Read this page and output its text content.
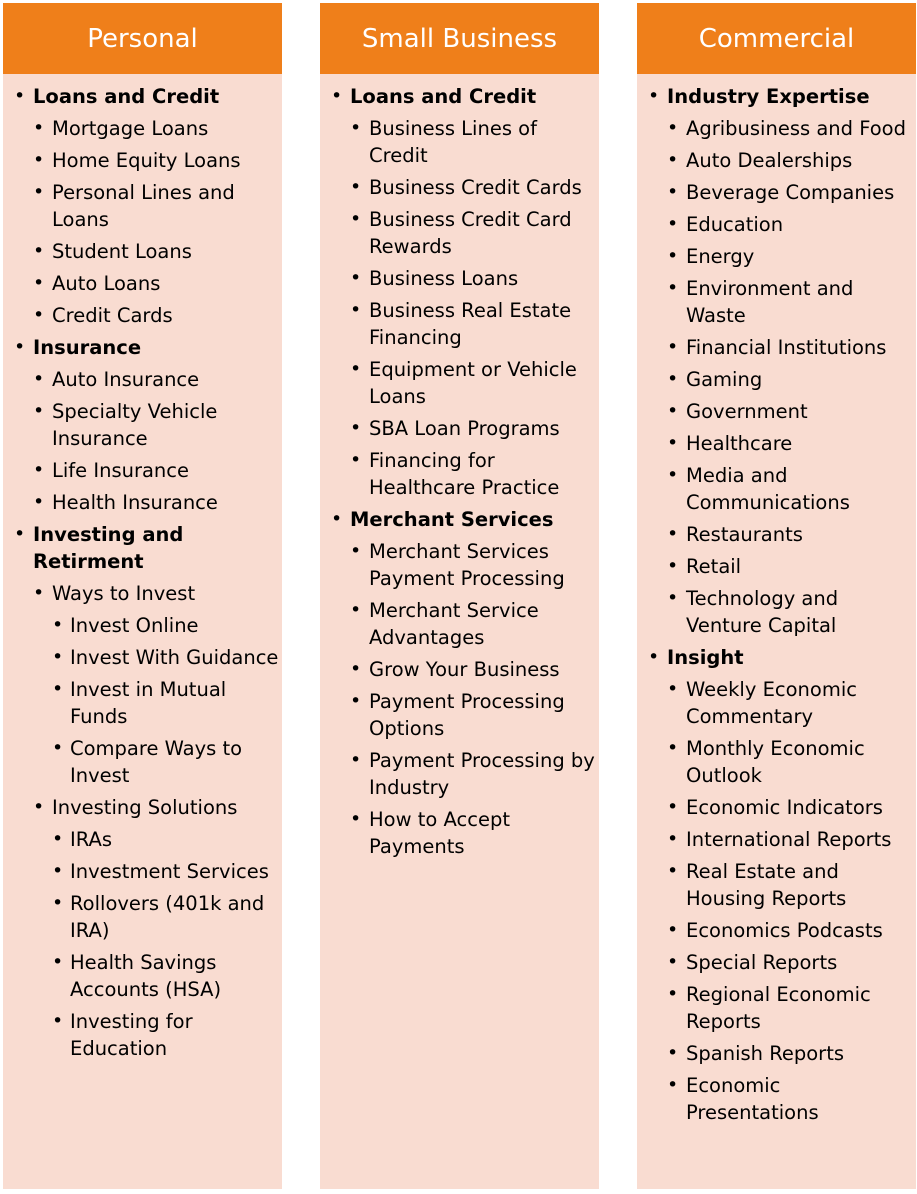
Personal
• Loans and Credit
• Mortgage Loans
• Home Equity Loans
• Personal Lines and Loans
• Student Loans
• Auto Loans
• Credit Cards
• Insurance
• Auto Insurance
• Specialty Vehicle Insurance
• Life Insurance
• Health Insurance
• Investing and Retirment
• Ways to Invest
• Invest Online
• Invest With Guidance
• Invest in Mutual Funds
• Compare Ways to Invest
• Investing Solutions
• IRAs
• Investment Services
• Rollovers (401k and IRA)
• Health Savings Accounts (HSA)
• Investing for Education
Small Business
• Loans and Credit
• Business Lines of Credit
• Business Credit Cards
• Business Credit Card Rewards
• Business Loans
• Business Real Estate Financing
• Equipment or Vehicle Loans
• SBA Loan Programs
• Financing for Healthcare Practice
• Merchant Services
• Merchant Services Payment Processing
• Merchant Service Advantages
• Grow Your Business
• Payment Processing Options
• Payment Processing by Industry
• How to Accept Payments
Commercial
• Industry Expertise
• Agribusiness and Food
• Auto Dealerships
• Beverage Companies
• Education
• Energy
• Environment and Waste
• Financial Institutions
• Gaming
• Government
• Healthcare
• Media and Communications
• Restaurants
• Retail
• Technology and Venture Capital
• Insight
• Weekly Economic Commentary
• Monthly Economic Outlook
• Economic Indicators
• International Reports
• Real Estate and Housing Reports
• Economics Podcasts
• Special Reports
• Regional Economic Reports
• Spanish Reports
• Economic Presentations
